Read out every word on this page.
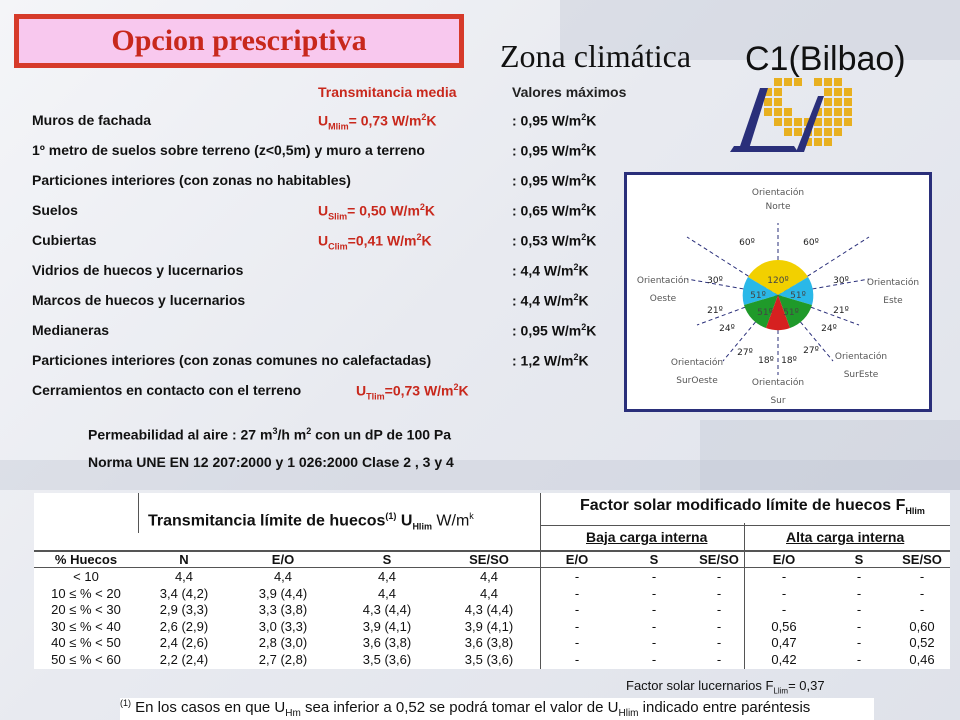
Opcion prescriptiva	Zona climática C1(Bilbao)
Transmitancia media	Valores máximos
Muros de fachada	$U_{Mlim}= 0,73$ $W/m^2K$	: 0,95 $W/m^2K$
1º metro de suelos sobre terreno (z<0,5m) y muro a terreno	: 0,95 $W/m^2K$
Particiones interiores (con zonas no habitables)	: 0,95 $W/m^2K$
Suelos	$U_{Slim}= 0,50$ $W/m^2K$	: 0,65 $W/m^2K$
Cubiertas	$U_{Clim}=0,41$ $W/m^2K$	: 0,53 $W/m^2K$
Vidrios de huecos y lucernarios	: 4,4 $W/m^2K$
Marcos de huecos y lucernarios	: 4,4 $W/m^2K$
Medianeras	: 0,95 $W/m^2K$
Particiones interiores (con zonas comunes no calefactadas)	: 1,2 $W/m^2K$
Cerramientos en contacto con el terreno	$U_{Tlim}=0,73$ $W/m^2K$
Permeabilidad al aire : 27 $m^3/h$ $m^2$ con un dP de 100 Pa
Norma UNE EN 12 207:2000 y 1 026:2000 Clase 2 , 3 y 4
Orientación
Norte
Orientación
Oeste
Orientación
Este
Orientación
SurOeste
Orientación
SurEste
Orientación
Sur
60º	60º
30º	30º
21º	21º
24º	24º
27º	27º
18º 18º
120º
51º	51º
51º 51º
Transmitancia límite de huecos$^{(1)}$ $U_{Hlim}$ $W/m^k$
Factor solar modificado límite de huecos $F_{Hlim}$
Baja carga interna	Alta carga interna
% Huecos	N	E/O	S	SE/SO	E/O	S	SE/SO	E/O	S	SE/SO
< 10	4,4	4,4	4,4	4,4	-	-	-	-	-	-
10 ≤ % < 20	3,4 (4,2)	3,9 (4,4)	4,4	4,4	-	-	-	-	-	-
20 ≤ % < 30	2,9 (3,3)	3,3 (3,8)	4,3 (4,4)	4,3 (4,4)	-	-	-	-	-	-
30 ≤ % < 40	2,6 (2,9)	3,0 (3,3)	3,9 (4,1)	3,9 (4,1)	-	-	-	0,56	-	0,60
40 ≤ % < 50	2,4 (2,6)	2,8 (3,0)	3,6 (3,8)	3,6 (3,8)	-	-	-	0,47	-	0,52
50 ≤ % < 60	2,2 (2,4)	2,7 (2,8)	3,5 (3,6)	3,5 (3,6)	-	-	-	0,42	-	0,46
Factor solar lucernarios $F_{Llim}= 0,37$
$^{(1)}$ En los casos en que $U_{Hm}$ sea inferior a 0,52 se podrá tomar el valor de $U_{Hlim}$ indicado entre paréntesis
